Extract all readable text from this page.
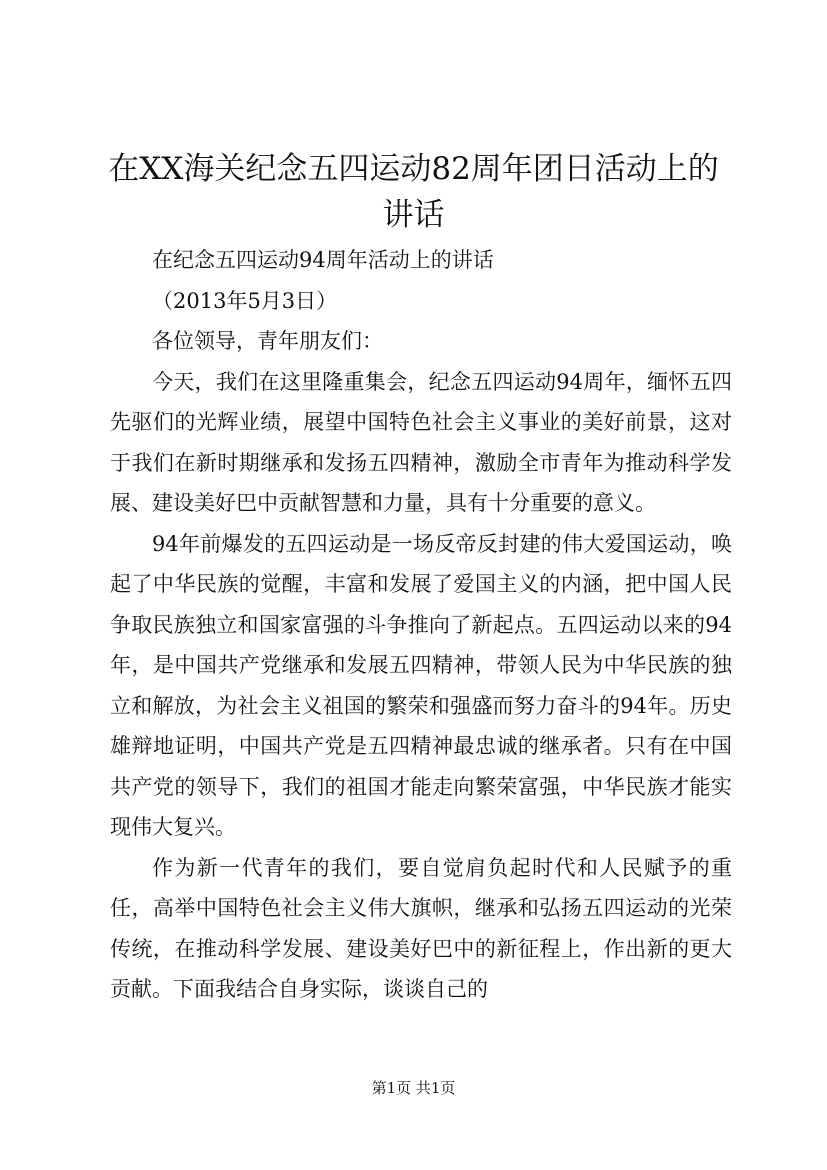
在XX海关纪念五四运动82周年团日活动上的讲话

在纪念五四运动94周年活动上的讲话

（2013年5月3日）

各位领导，青年朋友们：

今天，我们在这里隆重集会，纪念五四运动94周年，缅怀五四先驱们的光辉业绩，展望中国特色社会主义事业的美好前景，这对于我们在新时期继承和发扬五四精神，激励全市青年为推动科学发展、建设美好巴中贡献智慧和力量，具有十分重要的意义。

94年前爆发的五四运动是一场反帝反封建的伟大爱国运动，唤起了中华民族的觉醒，丰富和发展了爱国主义的内涵，把中国人民争取民族独立和国家富强的斗争推向了新起点。五四运动以来的94年，是中国共产党继承和发展五四精神，带领人民为中华民族的独立和解放，为社会主义祖国的繁荣和强盛而努力奋斗的94年。历史雄辩地证明，中国共产党是五四精神最忠诚的继承者。只有在中国共产党的领导下，我们的祖国才能走向繁荣富强，中华民族才能实现伟大复兴。

作为新一代青年的我们，要自觉肩负起时代和人民赋予的重任，高举中国特色社会主义伟大旗帜，继承和弘扬五四运动的光荣传统，在推动科学发展、建设美好巴中的新征程上，作出新的更大贡献。下面我结合自身实际，谈谈自己的

第1页 共1页
